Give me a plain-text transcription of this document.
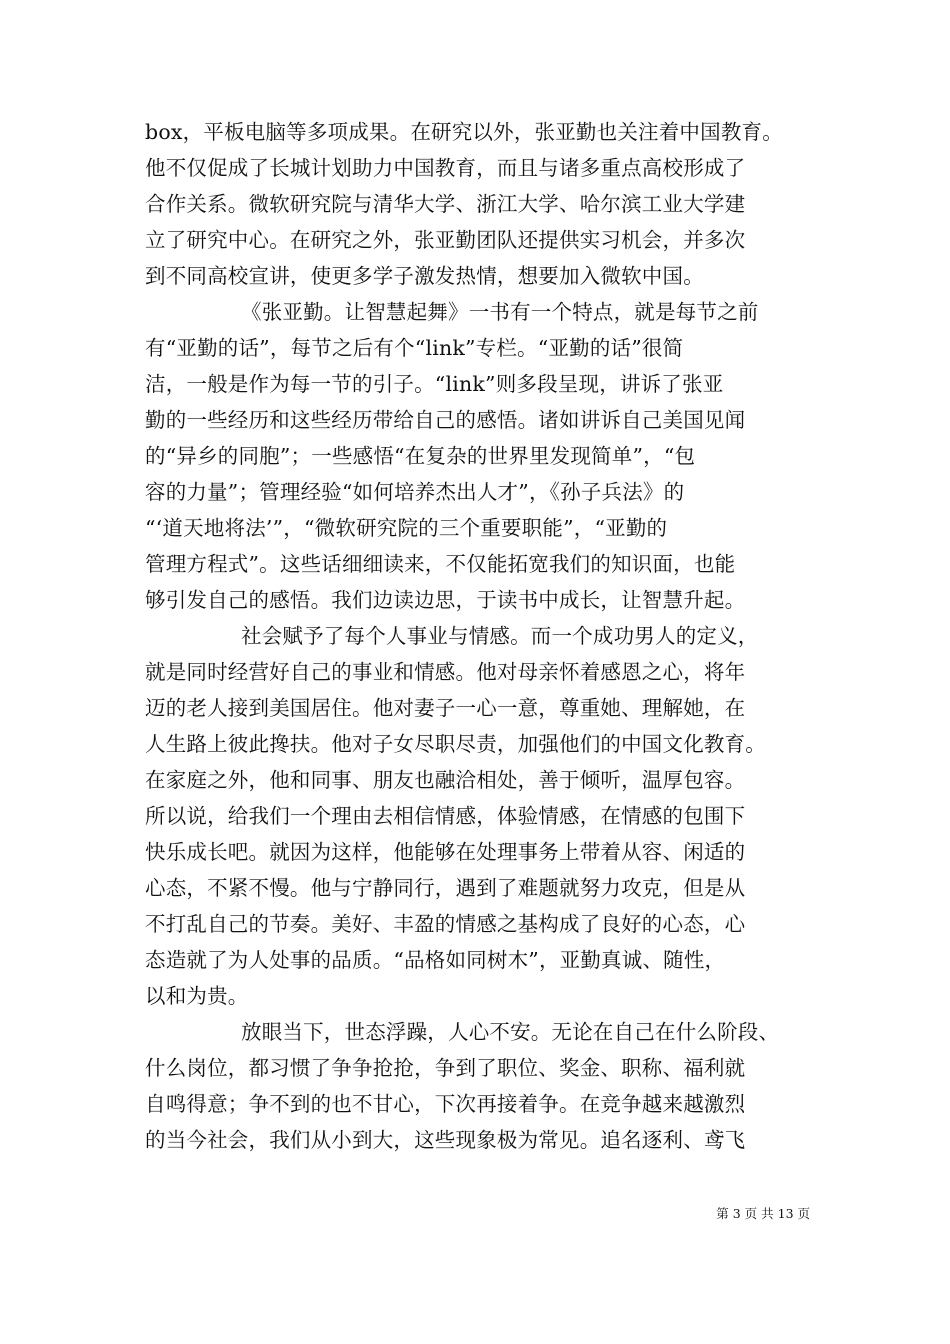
box，平板电脑等多项成果。在研究以外，张亚勤也关注着中国教育。
他不仅促成了长城计划助力中国教育，而且与诸多重点高校形成了
合作关系。微软研究院与清华大学、浙江大学、哈尔滨工业大学建
立了研究中心。在研究之外，张亚勤团队还提供实习机会，并多次
到不同高校宣讲，使更多学子激发热情，想要加入微软中国。
《张亚勤。让智慧起舞》一书有一个特点，就是每节之前
有“亚勤的话”，每节之后有个“link”专栏。“亚勤的话”很简
洁，一般是作为每一节的引子。“link”则多段呈现，讲诉了张亚
勤的一些经历和这些经历带给自己的感悟。诸如讲诉自己美国见闻
的“异乡的同胞”；一些感悟“在复杂的世界里发现简单”，“包
容的力量”；管理经验“如何培养杰出人才”，《孙子兵法》的
“‘道天地将法’”，“微软研究院的三个重要职能”，“亚勤的
管理方程式”。这些话细细读来，不仅能拓宽我们的知识面，也能
够引发自己的感悟。我们边读边思，于读书中成长，让智慧升起。
社会赋予了每个人事业与情感。而一个成功男人的定义，
就是同时经营好自己的事业和情感。他对母亲怀着感恩之心，将年
迈的老人接到美国居住。他对妻子一心一意，尊重她、理解她，在
人生路上彼此搀扶。他对子女尽职尽责，加强他们的中国文化教育。
在家庭之外，他和同事、朋友也融洽相处，善于倾听，温厚包容。
所以说，给我们一个理由去相信情感，体验情感，在情感的包围下
快乐成长吧。就因为这样，他能够在处理事务上带着从容、闲适的
心态，不紧不慢。他与宁静同行，遇到了难题就努力攻克，但是从
不打乱自己的节奏。美好、丰盈的情感之基构成了良好的心态，心
态造就了为人处事的品质。“品格如同树木”，亚勤真诚、随性，
以和为贵。
放眼当下，世态浮躁，人心不安。无论在自己在什么阶段、
什么岗位，都习惯了争争抢抢，争到了职位、奖金、职称、福利就
自鸣得意；争不到的也不甘心，下次再接着争。在竞争越来越激烈
的当今社会，我们从小到大，这些现象极为常见。追名逐利、鸢飞
第 3 页 共 13 页
